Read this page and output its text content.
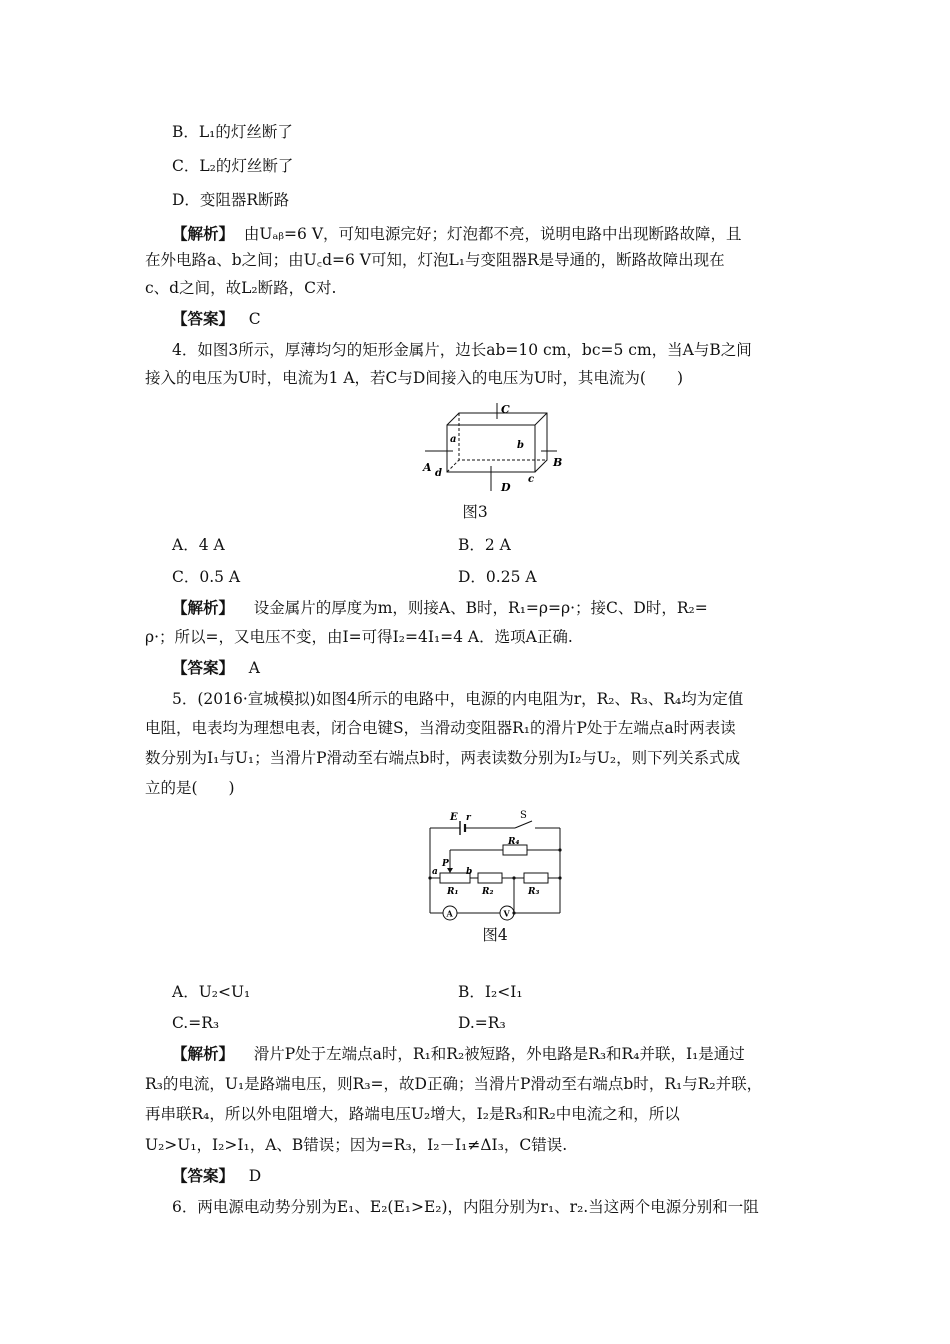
B．L₁的灯丝断了
C．L₂的灯丝断了
D．变阻器R断路
【解析】 由Uₐᵦ=6 V，可知电源完好；灯泡都不亮，说明电路中出现断路故障，且
在外电路a、b之间；由U꜀d=6 V可知，灯泡L₁与变阻器R是导通的，断路故障出现在
c、d之间，故L₂断路，C对.
【答案】 C
4．如图3所示，厚薄均匀的矩形金属片，边长ab=10 cm，bc=5 cm，当A与B之间
接入的电压为U时，电流为1 A，若C与D间接入的电压为U时，其电流为(　　)
C
a
b
A d
D
c
B
图3
A．4 A	B．2 A
C．0.5 A	D．0.25 A
【解析】 设金属片的厚度为m，则接A、B时，R₁=ρ=ρ·；接C、D时，R₂=
ρ·；所以=，又电压不变，由I=可得I₂=4I₁=4 A．选项A正确.
【答案】 A
5．(2016·宣城模拟)如图4所示的电路中，电源的内电阻为r，R₂、R₃、R₄均为定值
电阻，电表均为理想电表，闭合电键S，当滑动变阻器R₁的滑片P处于左端点a时两表读
数分别为I₁与U₁；当滑片P滑动至右端点b时，两表读数分别为I₂与U₂，则下列关系式成
立的是(　　)
E r	S
R₄
a
P
b
R₁	R₂	R₃
A	V
图4
A．U₂<U₁	B．I₂<I₁
C.=R₃	D.=R₃
【解析】 滑片P处于左端点a时，R₁和R₂被短路，外电路是R₃和R₄并联，I₁是通过
R₃的电流，U₁是路端电压，则R₃=，故D正确；当滑片P滑动至右端点b时，R₁与R₂并联，
再串联R₄，所以外电阻增大，路端电压U₂增大，I₂是R₃和R₂中电流之和，所以
U₂>U₁，I₂>I₁，A、B错误；因为=R₃，I₂－I₁≠ΔI₃，C错误.
【答案】 D
6．两电源电动势分别为E₁、E₂(E₁>E₂)，内阻分别为r₁、r₂.当这两个电源分别和一阻
